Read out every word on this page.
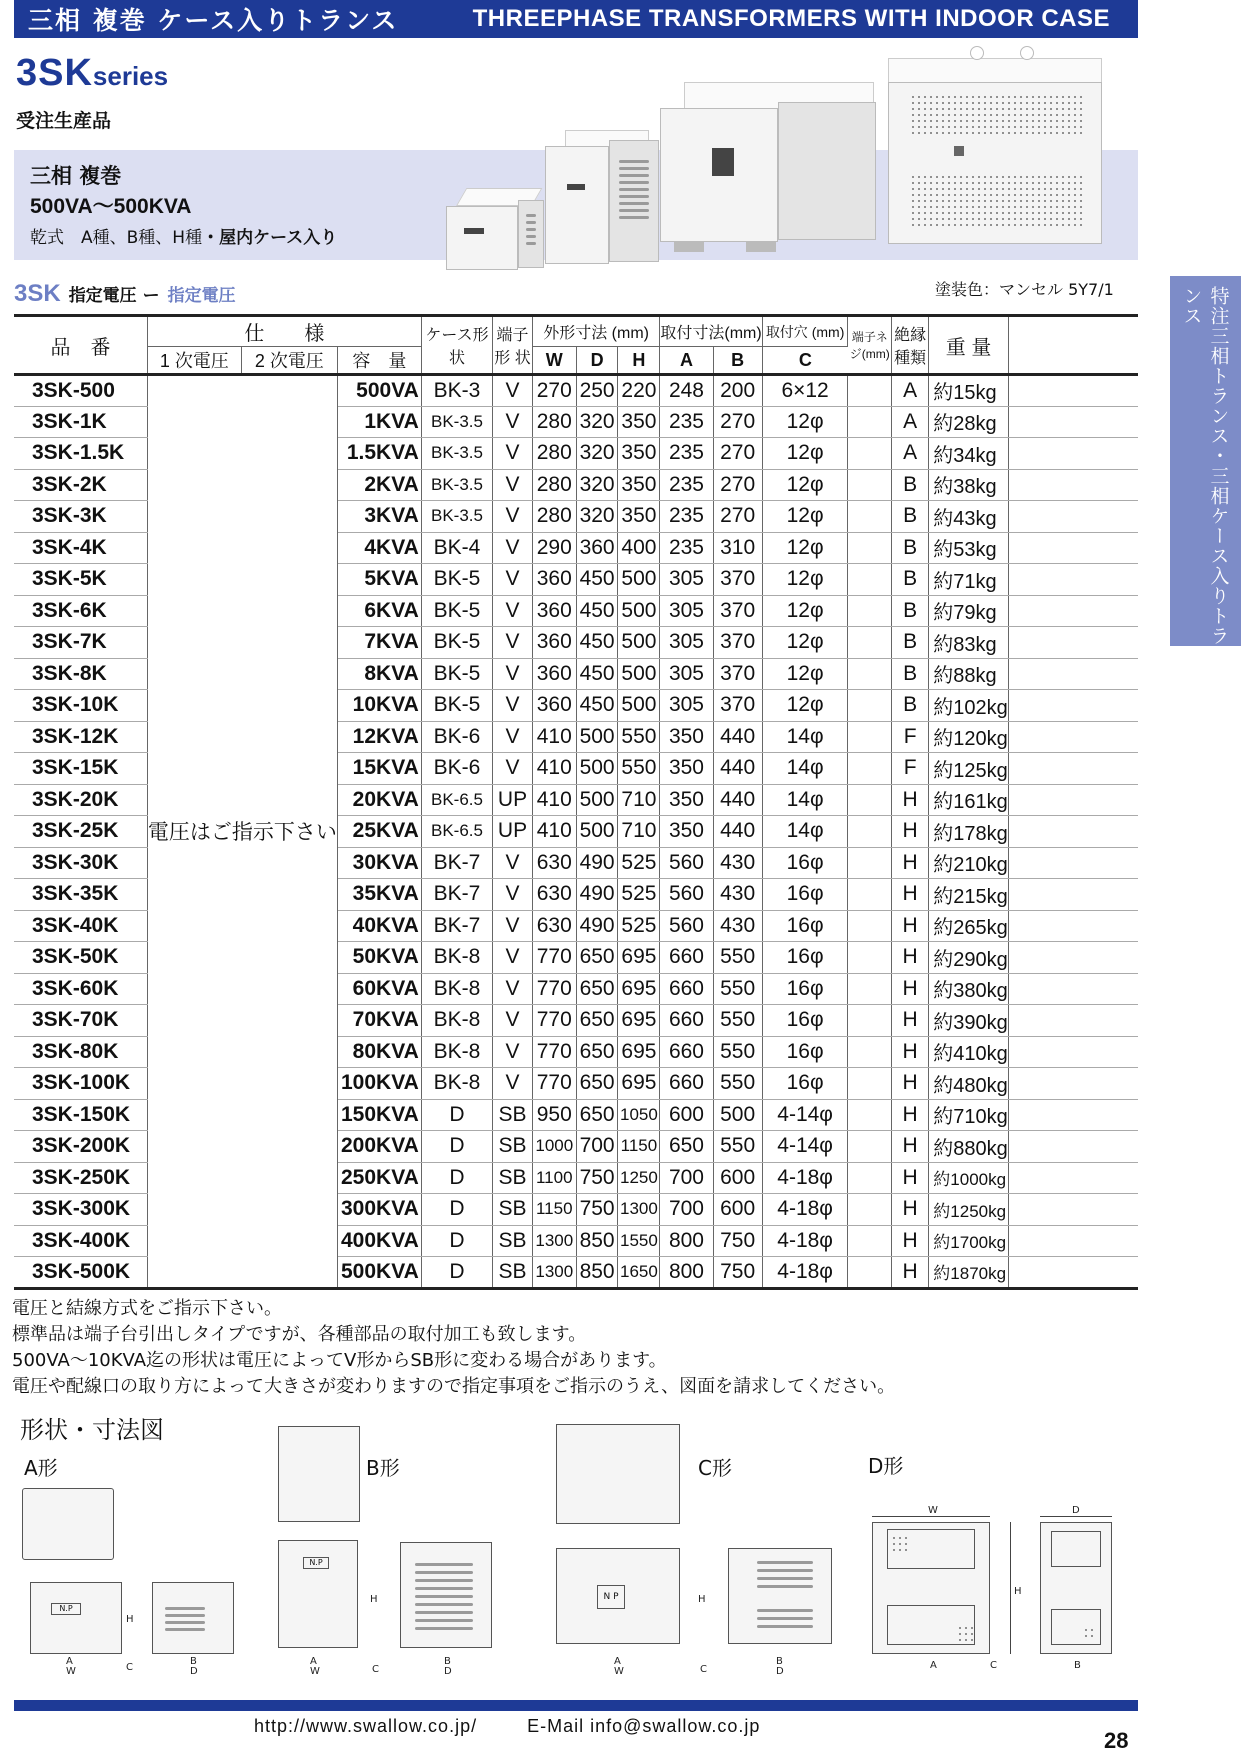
三相 複巻 ケース入りトランス	THREEPHASE TRANSFORMERS WITH INDOOR CASE
3SKseries
受注生産品
三相 複巻
500VA～500KVA
乾式　A種、B種、H種・屋内ケース入り
3SK 指定電圧 ー 指定電圧	塗装色：マンセル 5Y7/1	特注三相トランス・三相ケース入りトランス
品　番	仕　　様			ケース形 状	端子形 状	外形寸法 (mm)			取付寸法(mm)		取付穴 (mm)	端子ネジ(mm)	絶縁種類	重 量	
	1 次電圧	2 次電圧	容　量			W	D	H	A	B	C				
3SK-500	電圧はご指示下さい		500VA	BK-3	V	270	250	220	248	200	6×12		A	約15kg	
3SK-1K			1KVA	BK-3.5	V	280	320	350	235	270	12φ		A	約28kg	
3SK-1.5K			1.5KVA	BK-3.5	V	280	320	350	235	270	12φ		A	約34kg	
3SK-2K			2KVA	BK-3.5	V	280	320	350	235	270	12φ		B	約38kg	
3SK-3K			3KVA	BK-3.5	V	280	320	350	235	270	12φ		B	約43kg	
3SK-4K			4KVA	BK-4	V	290	360	400	235	310	12φ		B	約53kg	
3SK-5K			5KVA	BK-5	V	360	450	500	305	370	12φ		B	約71kg	
3SK-6K			6KVA	BK-5	V	360	450	500	305	370	12φ		B	約79kg	
3SK-7K			7KVA	BK-5	V	360	450	500	305	370	12φ		B	約83kg	
3SK-8K			8KVA	BK-5	V	360	450	500	305	370	12φ		B	約88kg	
3SK-10K			10KVA	BK-5	V	360	450	500	305	370	12φ		B	約102kg	
3SK-12K			12KVA	BK-6	V	410	500	550	350	440	14φ		F	約120kg	
3SK-15K			15KVA	BK-6	V	410	500	550	350	440	14φ		F	約125kg	
3SK-20K			20KVA	BK-6.5	UP	410	500	710	350	440	14φ		H	約161kg	
3SK-25K			25KVA	BK-6.5	UP	410	500	710	350	440	14φ		H	約178kg	
3SK-30K			30KVA	BK-7	V	630	490	525	560	430	16φ		H	約210kg	
3SK-35K			35KVA	BK-7	V	630	490	525	560	430	16φ		H	約215kg	
3SK-40K			40KVA	BK-7	V	630	490	525	560	430	16φ		H	約265kg	
3SK-50K			50KVA	BK-8	V	770	650	695	660	550	16φ		H	約290kg	
3SK-60K			60KVA	BK-8	V	770	650	695	660	550	16φ		H	約380kg	
3SK-70K			70KVA	BK-8	V	770	650	695	660	550	16φ		H	約390kg	
3SK-80K			80KVA	BK-8	V	770	650	695	660	550	16φ		H	約410kg	
3SK-100K			100KVA	BK-8	V	770	650	695	660	550	16φ		H	約480kg	
3SK-150K			150KVA	D	SB	950	650	1050	600	500	4-14φ		H	約710kg	
3SK-200K			200KVA	D	SB	1000	700	1150	650	550	4-14φ		H	約880kg	
3SK-250K			250KVA	D	SB	1100	750	1250	700	600	4-18φ		H	約1000kg	
3SK-300K			300KVA	D	SB	1150	750	1300	700	600	4-18φ		H	約1250kg	
3SK-400K			400KVA	D	SB	1300	850	1550	800	750	4-18φ		H	約1700kg	
3SK-500K			500KVA	D	SB	1300	850	1650	800	750	4-18φ		H	約1870kg	
電圧と結線方式をご指示下さい。
標準品は端子台引出しタイプですが、各種部品の取付加工も致します。
500VA～10KVA迄の形状は電圧によってV形からSB形に変わる場合があります。
電圧や配線口の取り方によって大きさが変わりますので指定事項をご指示のうえ、図面を請求してください。
形状・寸法図
A形
N.P
A
W	C
H
B
D
B形
N.P
H
A
W	C
B
D
C形
N P	H
A
W	C
B
D
D形
W	D
H
A	C	B
http://www.swallow.co.jp/	E-Mail info@swallow.co.jp
28
